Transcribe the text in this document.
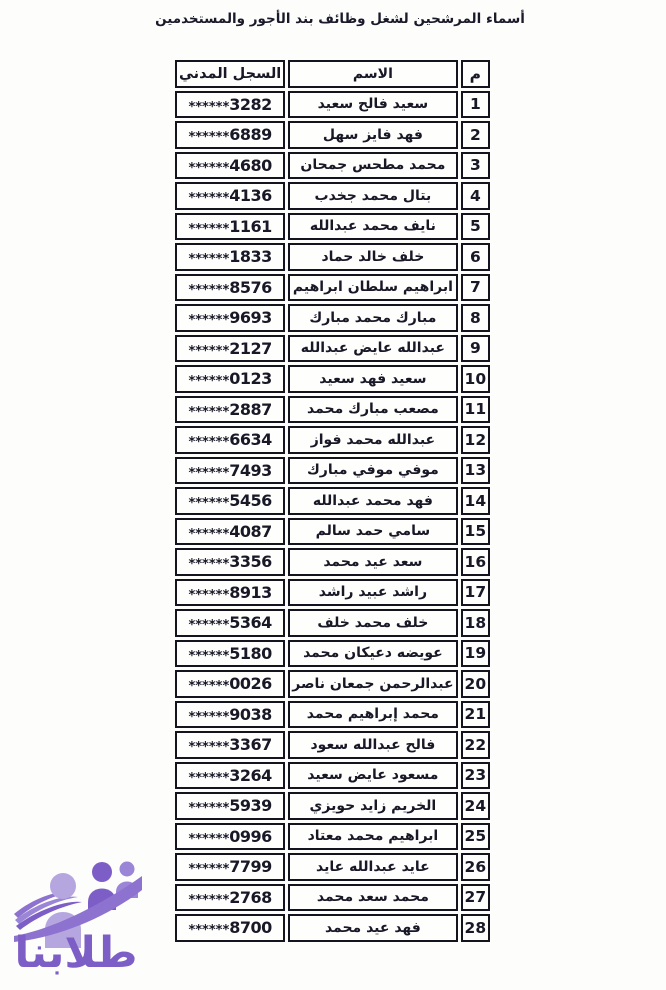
أسماء المرشحين لشغل وظائف بند الأجور والمستخدمين
م	الاسم	السجل المدني
1	سعيد فالح سعيد	******3282
2	فهد فايز سهل	******6889
3	محمد مطحس جمحان	******4680
4	بتال محمد جخدب	******4136
5	نايف محمد عبدالله	******1161
6	خلف خالد حماد	******1833
7	ابراهيم سلطان ابراهيم	******8576
8	مبارك محمد مبارك	******9693
9	عبدالله عايض عبدالله	******2127
10	سعيد فهد سعيد	******0123
11	مصعب مبارك محمد	******2887
12	عبدالله محمد فواز	******6634
13	موفي موفي مبارك	******7493
14	فهد محمد عبدالله	******5456
15	سامي حمد سالم	******4087
16	سعد عيد محمد	******3356
17	راشد عبيد راشد	******8913
18	خلف محمد خلف	******5364
19	عويضه دعيكان محمد	******5180
20	عبدالرحمن جمعان ناصر	******0026
21	محمد إبراهيم محمد	******9038
22	فالح عبدالله سعود	******3367
23	مسعود عايض سعيد	******3264
24	الخريم زايد حويزي	******5939
25	ابراهيم محمد معتاد	******0996
26	عايد عبدالله عايد	******7799
27	محمد سعد محمد	******2768
28	فهد عيد محمد	******8700
طلابنا
